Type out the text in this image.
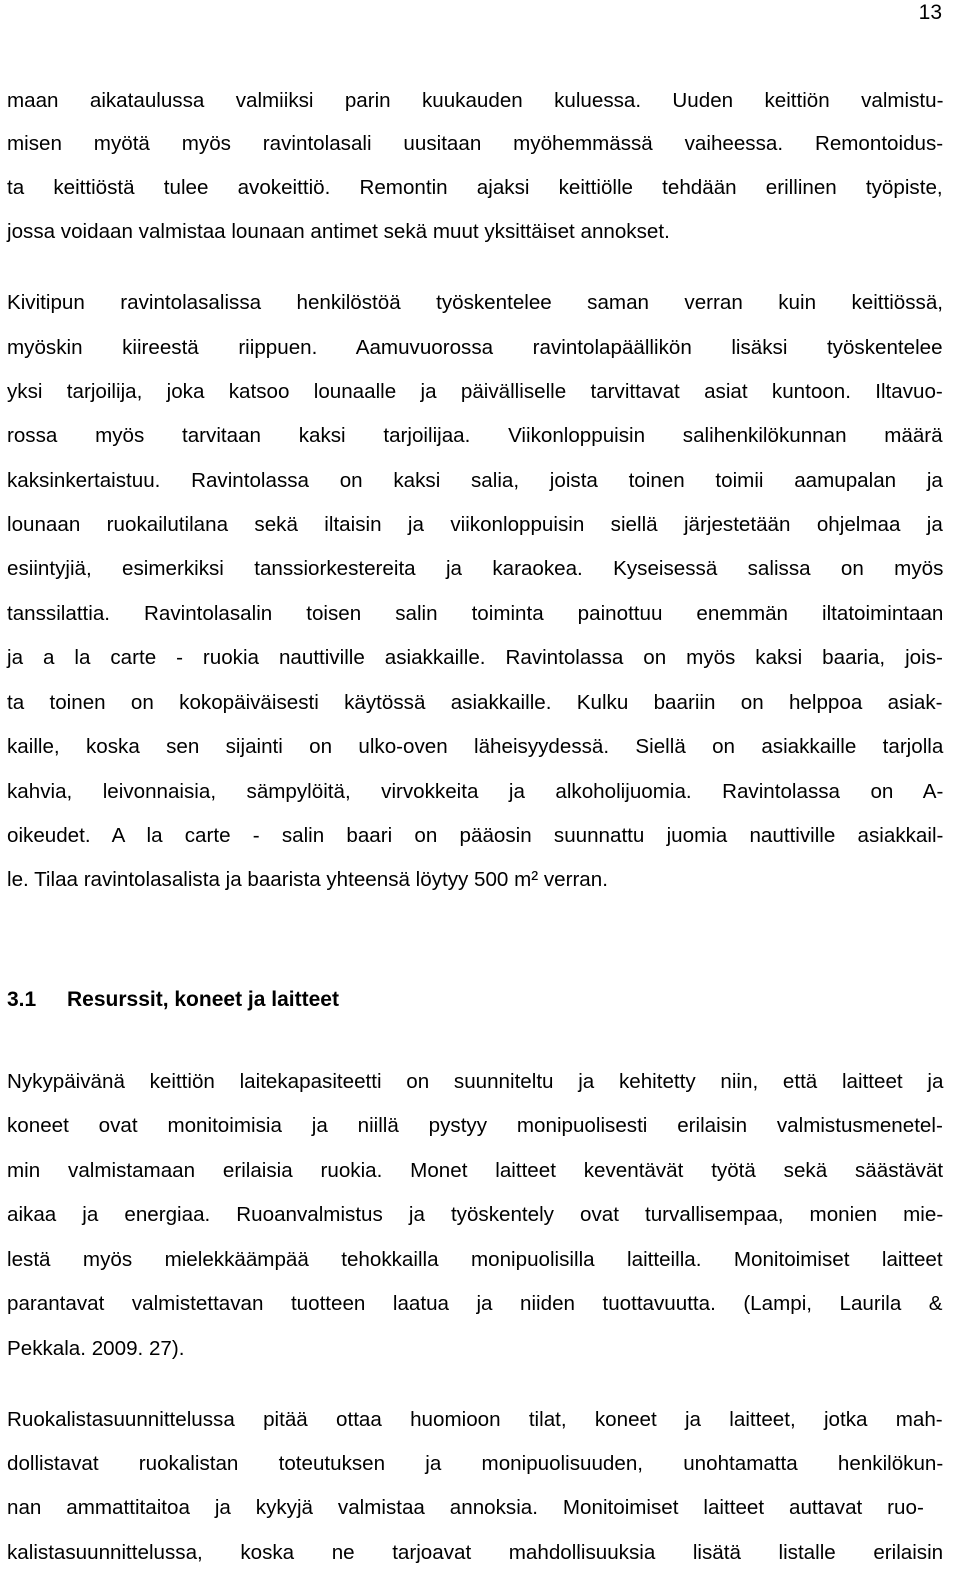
13
maan aikataulussa valmiiksi parin kuukauden kuluessa. Uuden keittiön valmistu-
misen myötä myös ravintolasali uusitaan myöhemmässä vaiheessa. Remontoidus-
ta keittiöstä tulee avokeittiö. Remontin ajaksi keittiölle tehdään erillinen työpiste,
jossa voidaan valmistaa lounaan antimet sekä muut yksittäiset annokset.
Kivitipun ravintolasalissa henkilöstöä työskentelee saman verran kuin keittiössä,
myöskin kiireestä riippuen. Aamuvuorossa ravintolapäällikön lisäksi työskentelee
yksi tarjoilija, joka katsoo lounaalle ja päivälliselle tarvittavat asiat kuntoon. Iltavuo-
rossa myös tarvitaan kaksi tarjoilijaa. Viikonloppuisin salihenkilökunnan määrä
kaksinkertaistuu. Ravintolassa on kaksi salia, joista toinen toimii aamupalan ja
lounaan ruokailutilana sekä iltaisin ja viikonloppuisin siellä järjestetään ohjelmaa ja
esiintyjiä, esimerkiksi tanssiorkestereita ja karaokea. Kyseisessä salissa on myös
tanssilattia. Ravintolasalin toisen salin toiminta painottuu enemmän iltatoimintaan
ja a la carte - ruokia nauttiville asiakkaille. Ravintolassa on myös kaksi baaria, jois-
ta toinen on kokopäiväisesti käytössä asiakkaille. Kulku baariin on helppoa asiak-
kaille, koska sen sijainti on ulko-oven läheisyydessä. Siellä on asiakkaille tarjolla
kahvia, leivonnaisia, sämpylöitä, virvokkeita ja alkoholijuomia. Ravintolassa on A-
oikeudet. A la carte - salin baari on pääosin suunnattu juomia nauttiville asiakkail-
le. Tilaa ravintolasalista ja baarista yhteensä löytyy 500 m² verran.
3.1 Resurssit, koneet ja laitteet
Nykypäivänä keittiön laitekapasiteetti on suunniteltu ja kehitetty niin, että laitteet ja
koneet ovat monitoimisia ja niillä pystyy monipuolisesti erilaisin valmistusmenetel-
min valmistamaan erilaisia ruokia. Monet laitteet keventävät työtä sekä säästävät
aikaa ja energiaa. Ruoanvalmistus ja työskentely ovat turvallisempaa, monien mie-
lestä myös mielekkäämpää tehokkailla monipuolisilla laitteilla. Monitoimiset laitteet
parantavat valmistettavan tuotteen laatua ja niiden tuottavuutta. (Lampi, Laurila &
Pekkala. 2009. 27).
Ruokalistasuunnittelussa pitää ottaa huomioon tilat, koneet ja laitteet, jotka mah-
dollistavat ruokalistan toteutuksen ja monipuolisuuden, unohtamatta henkilökun-
nan ammattitaitoa ja kykyjä valmistaa annoksia. Monitoimiset laitteet auttavat ruo-
kalistasuunnittelussa, koska ne tarjoavat mahdollisuuksia lisätä listalle erilaisin
